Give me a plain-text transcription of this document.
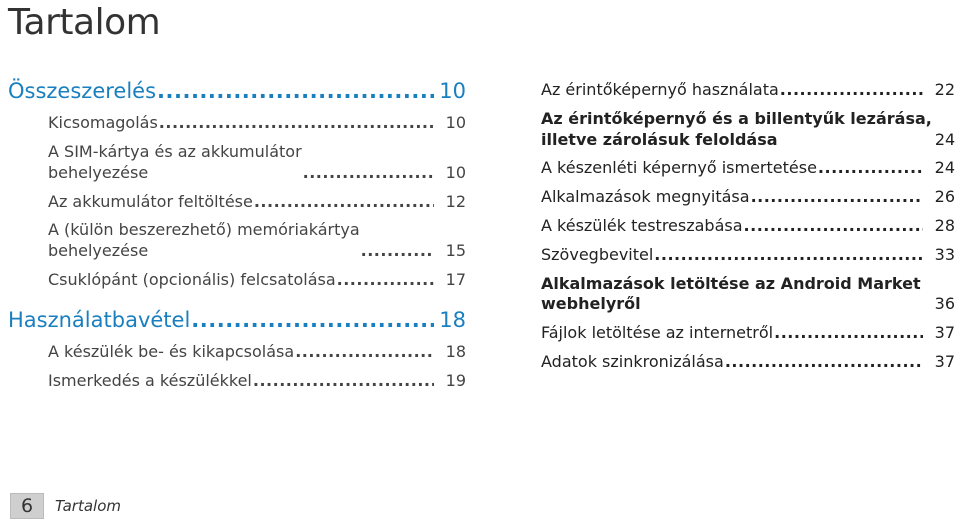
Tartalom
Összeszerelés .....	10
Kicsomagolás .....	10
A SIM-kártya és az akkumulátor
behelyezése .....	10
Az akkumulátor feltöltése .....	12
A (külön beszerezhető) memóriakártya
behelyezése .....	15
Csuklópánt (opcionális) felcsatolása .....	17
Használatbavétel .....	18
A készülék be- és kikapcsolása .....	18
Ismerkedés a készülékkel .....	19
Az érintőképernyő használata .....	22
Az érintőképernyő és a billentyűk lezárása,
illetve zárolásuk feloldása	24
A készenléti képernyő ismertetése .....	24
Alkalmazások megnyitása .....	26
A készülék testreszabása .....	28
Szövegbevitel .....	33
Alkalmazások letöltése az Android Market
webhelyről .....	36
Fájlok letöltése az internetről .....	37
Adatok szinkronizálása .....	37
6	Tartalom
